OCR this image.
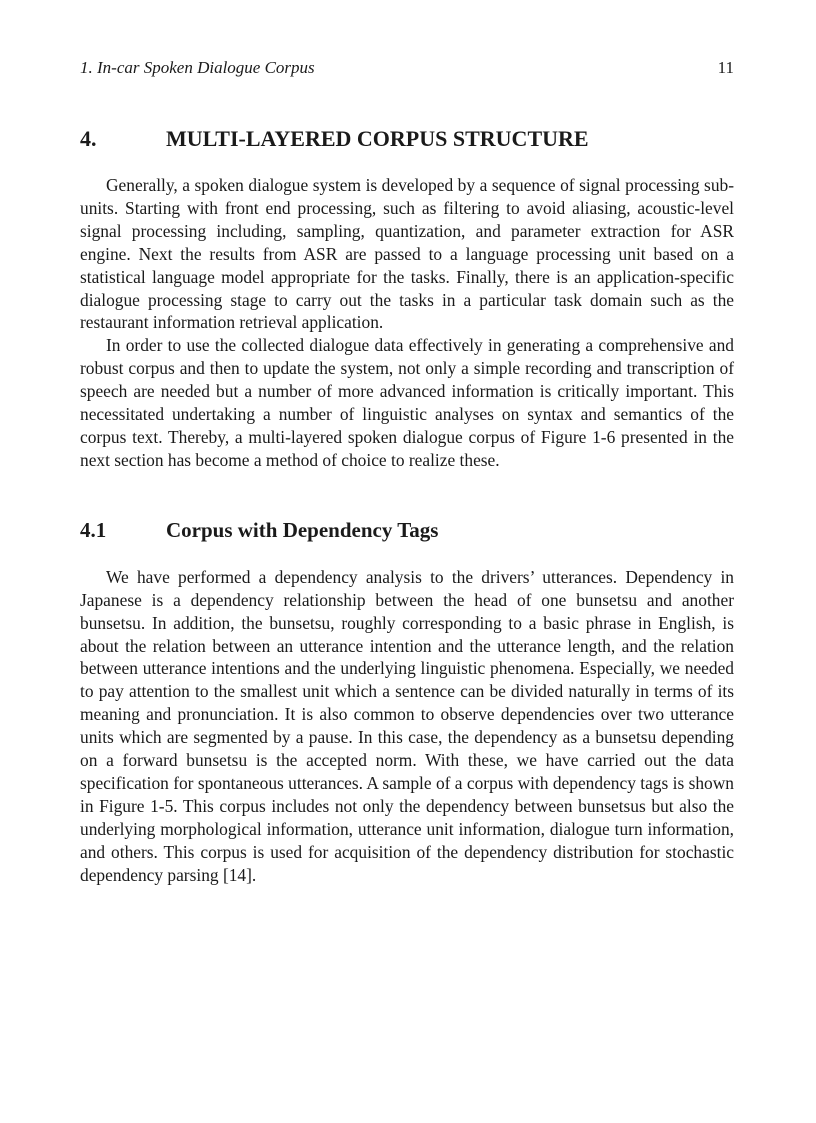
1. In-car Spoken Dialogue Corpus	11
4.	MULTI-LAYERED CORPUS STRUCTURE

Generally, a spoken dialogue system is developed by a sequence of signal processing sub-units. Starting with front end processing, such as filtering to avoid aliasing, acoustic-level signal processing including, sampling, quantization, and parameter extraction for ASR engine. Next the results from ASR are passed to a language processing unit based on a statistical language model appropriate for the tasks. Finally, there is an application-specific dialogue processing stage to carry out the tasks in a particular task domain such as the restaurant information retrieval application.

In order to use the collected dialogue data effectively in generating a comprehensive and robust corpus and then to update the system, not only a simple recording and transcription of speech are needed but a number of more advanced information is critically important. This necessitated undertaking a number of linguistic analyses on syntax and semantics of the corpus text. Thereby, a multi-layered spoken dialogue corpus of Figure 1-6 presented in the next section has become a method of choice to realize these.

4.1	Corpus with Dependency Tags

We have performed a dependency analysis to the drivers’ utterances. Dependency in Japanese is a dependency relationship between the head of one bunsetsu and another bunsetsu. In addition, the bunsetsu, roughly corresponding to a basic phrase in English, is about the relation between an utterance intention and the utterance length, and the relation between utterance intentions and the underlying linguistic phenomena. Especially, we needed to pay attention to the smallest unit which a sentence can be divided naturally in terms of its meaning and pronunciation. It is also common to observe dependencies over two utterance units which are segmented by a pause. In this case, the dependency as a bunsetsu depending on a forward bunsetsu is the accepted norm. With these, we have carried out the data specification for spontaneous utterances. A sample of a corpus with dependency tags is shown in Figure 1-5. This corpus includes not only the dependency between bunsetsus but also the underlying morphological information, utterance unit information, dialogue turn information, and others. This corpus is used for acquisition of the dependency distribution for stochastic dependency parsing [14].
